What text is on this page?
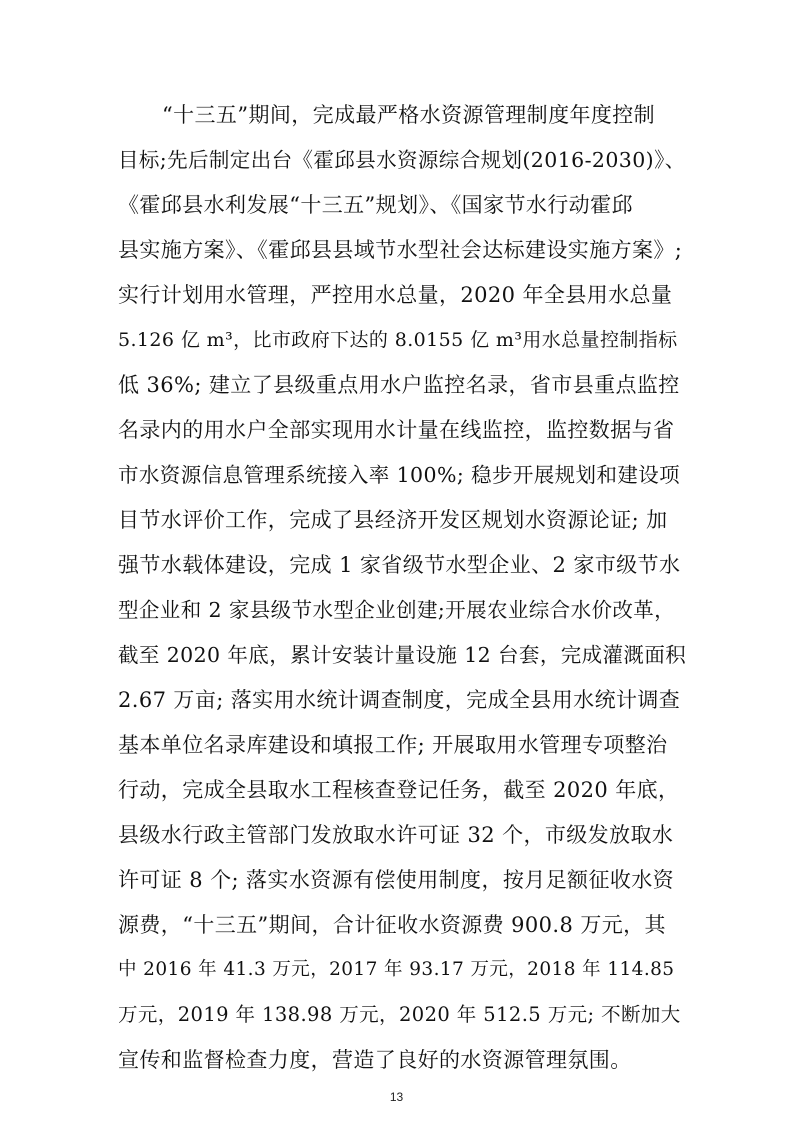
“十三五”期间，完成最严格水资源管理制度年度控制
目标;先后制定出台《霍邱县水资源综合规划(2016-2030)》、
《霍邱县水利发展“十三五”规划》、《国家节水行动霍邱
县实施方案》、《霍邱县县域节水型社会达标建设实施方案》;
实行计划用水管理，严控用水总量，2020 年全县用水总量
5.126 亿 m³，比市政府下达的 8.0155 亿 m³用水总量控制指标
低 36%; 建立了县级重点用水户监控名录，省市县重点监控
名录内的用水户全部实现用水计量在线监控，监控数据与省
市水资源信息管理系统接入率 100%; 稳步开展规划和建设项
目节水评价工作，完成了县经济开发区规划水资源论证; 加
强节水载体建设，完成 1 家省级节水型企业、2 家市级节水
型企业和 2 家县级节水型企业创建;开展农业综合水价改革，
截至 2020 年底，累计安装计量设施 12 台套，完成灌溉面积
2.67 万亩; 落实用水统计调查制度，完成全县用水统计调查
基本单位名录库建设和填报工作; 开展取用水管理专项整治
行动，完成全县取水工程核查登记任务，截至 2020 年底，
县级水行政主管部门发放取水许可证 32 个，市级发放取水
许可证 8 个; 落实水资源有偿使用制度，按月足额征收水资
源费，“十三五”期间，合计征收水资源费 900.8 万元，其
中 2016 年 41.3 万元，2017 年 93.17 万元，2018 年 114.85
万元，2019 年 138.98 万元，2020 年 512.5 万元; 不断加大
宣传和监督检查力度，营造了良好的水资源管理氛围。
13
